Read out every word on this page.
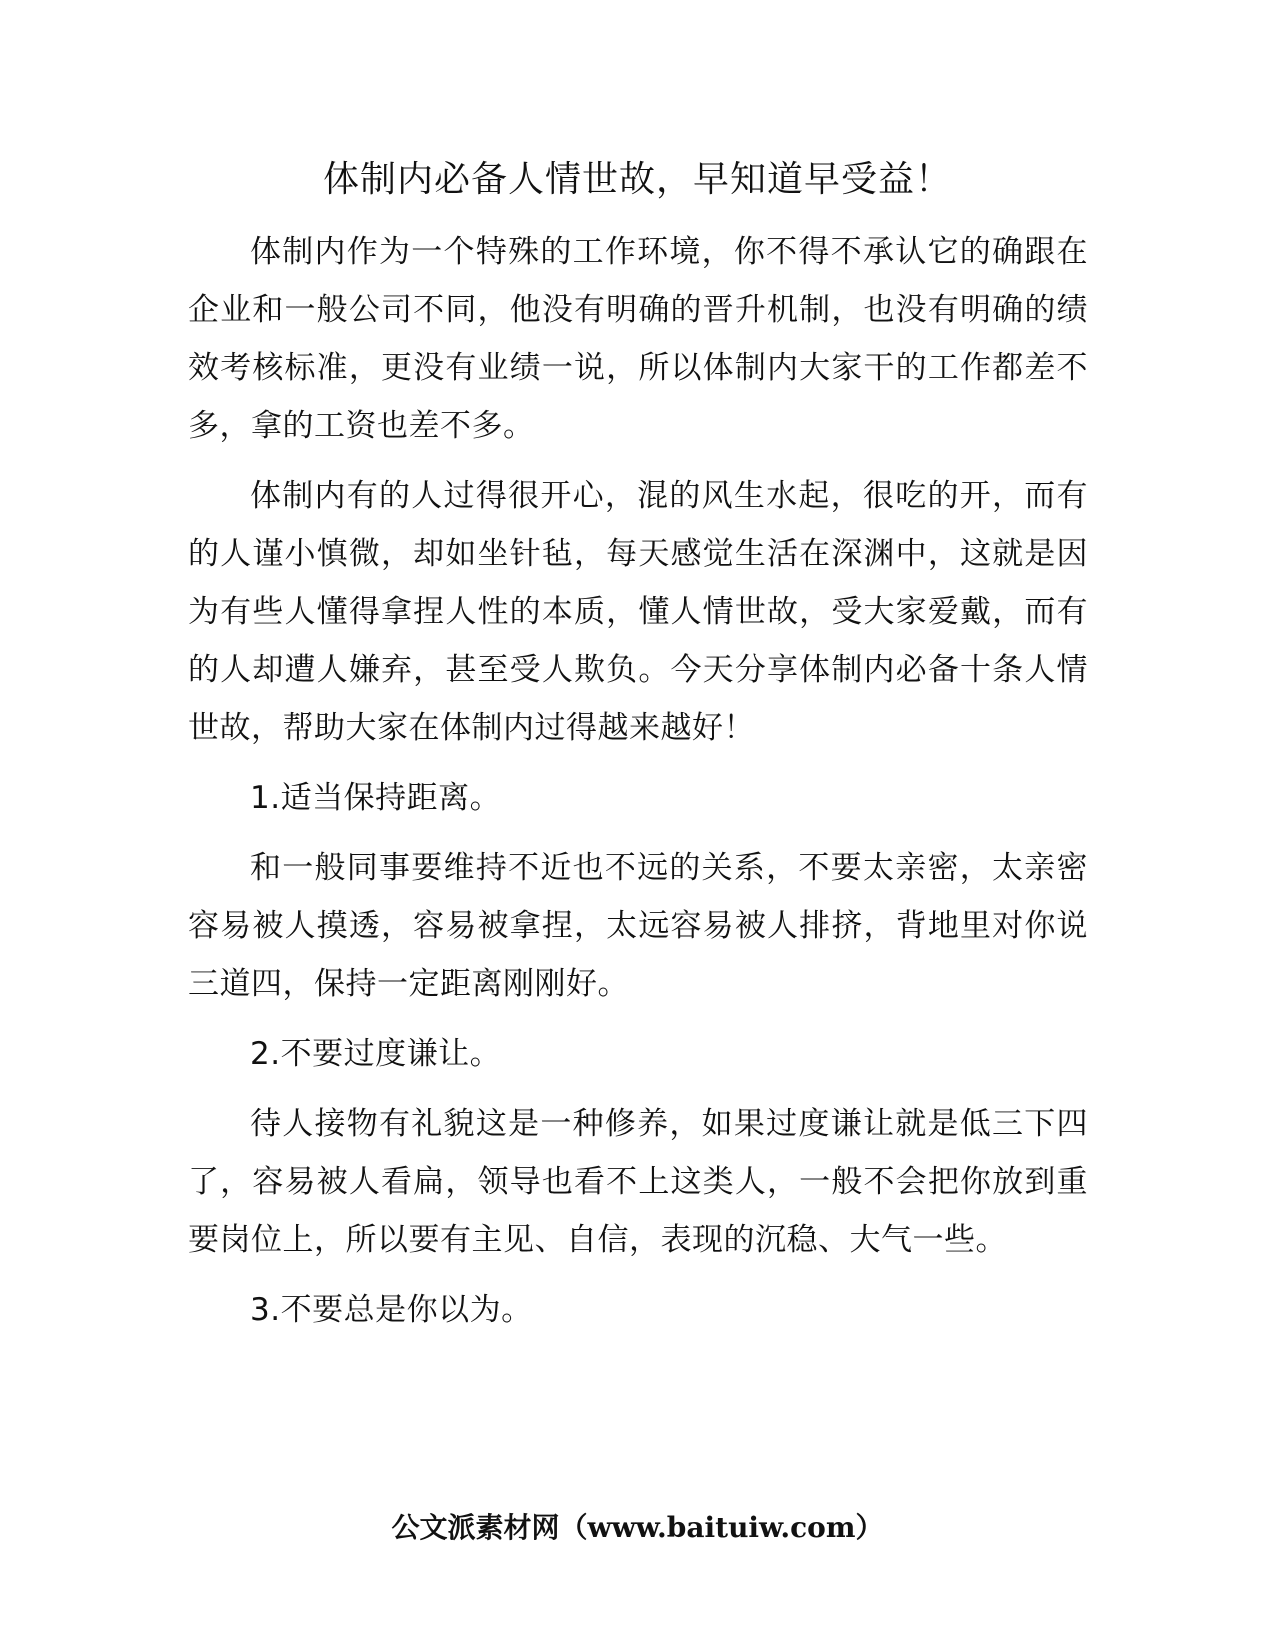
体制内必备人情世故，早知道早受益！

体制内作为一个特殊的工作环境，你不得不承认它的确跟在企业和一般公司不同，他没有明确的晋升机制，也没有明确的绩效考核标准，更没有业绩一说，所以体制内大家干的工作都差不多，拿的工资也差不多。

体制内有的人过得很开心，混的风生水起，很吃的开，而有的人谨小慎微，却如坐针毡，每天感觉生活在深渊中，这就是因为有些人懂得拿捏人性的本质，懂人情世故，受大家爱戴，而有的人却遭人嫌弃，甚至受人欺负。今天分享体制内必备十条人情世故，帮助大家在体制内过得越来越好！

1.适当保持距离。

和一般同事要维持不近也不远的关系，不要太亲密，太亲密容易被人摸透，容易被拿捏，太远容易被人排挤，背地里对你说三道四，保持一定距离刚刚好。

2.不要过度谦让。

待人接物有礼貌这是一种修养，如果过度谦让就是低三下四了，容易被人看扁，领导也看不上这类人，一般不会把你放到重要岗位上，所以要有主见、自信，表现的沉稳、大气一些。

3.不要总是你以为。

公文派素材网（www.baituiw.com）
